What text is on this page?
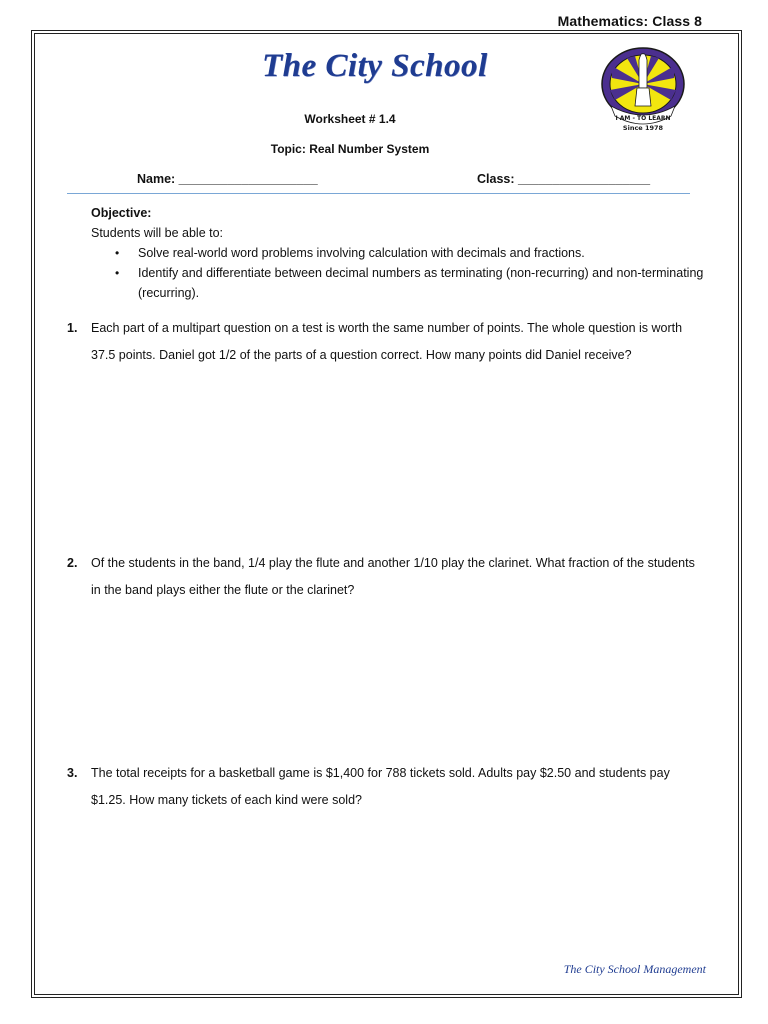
Mathematics: Class 8
The City School
I AM - TO LEARN
Since 1978
Worksheet # 1.4
Topic: Real Number System
Name: ____________________	Class: ___________________
Objective:
Students will be able to:
• Solve real-world word problems involving calculation with decimals and fractions.
• Identify and differentiate between decimal numbers as terminating (non-recurring) and non-terminating (recurring).
1. Each part of a multipart question on a test is worth the same number of points. The whole question is worth 37.5 points. Daniel got 1/2 of the parts of a question correct. How many points did Daniel receive?
2. Of the students in the band, 1/4 play the flute and another 1/10 play the clarinet. What fraction of the students in the band plays either the flute or the clarinet?
3. The total receipts for a basketball game is $1,400 for 788 tickets sold. Adults pay $2.50 and students pay $1.25. How many tickets of each kind were sold?
The City School Management
